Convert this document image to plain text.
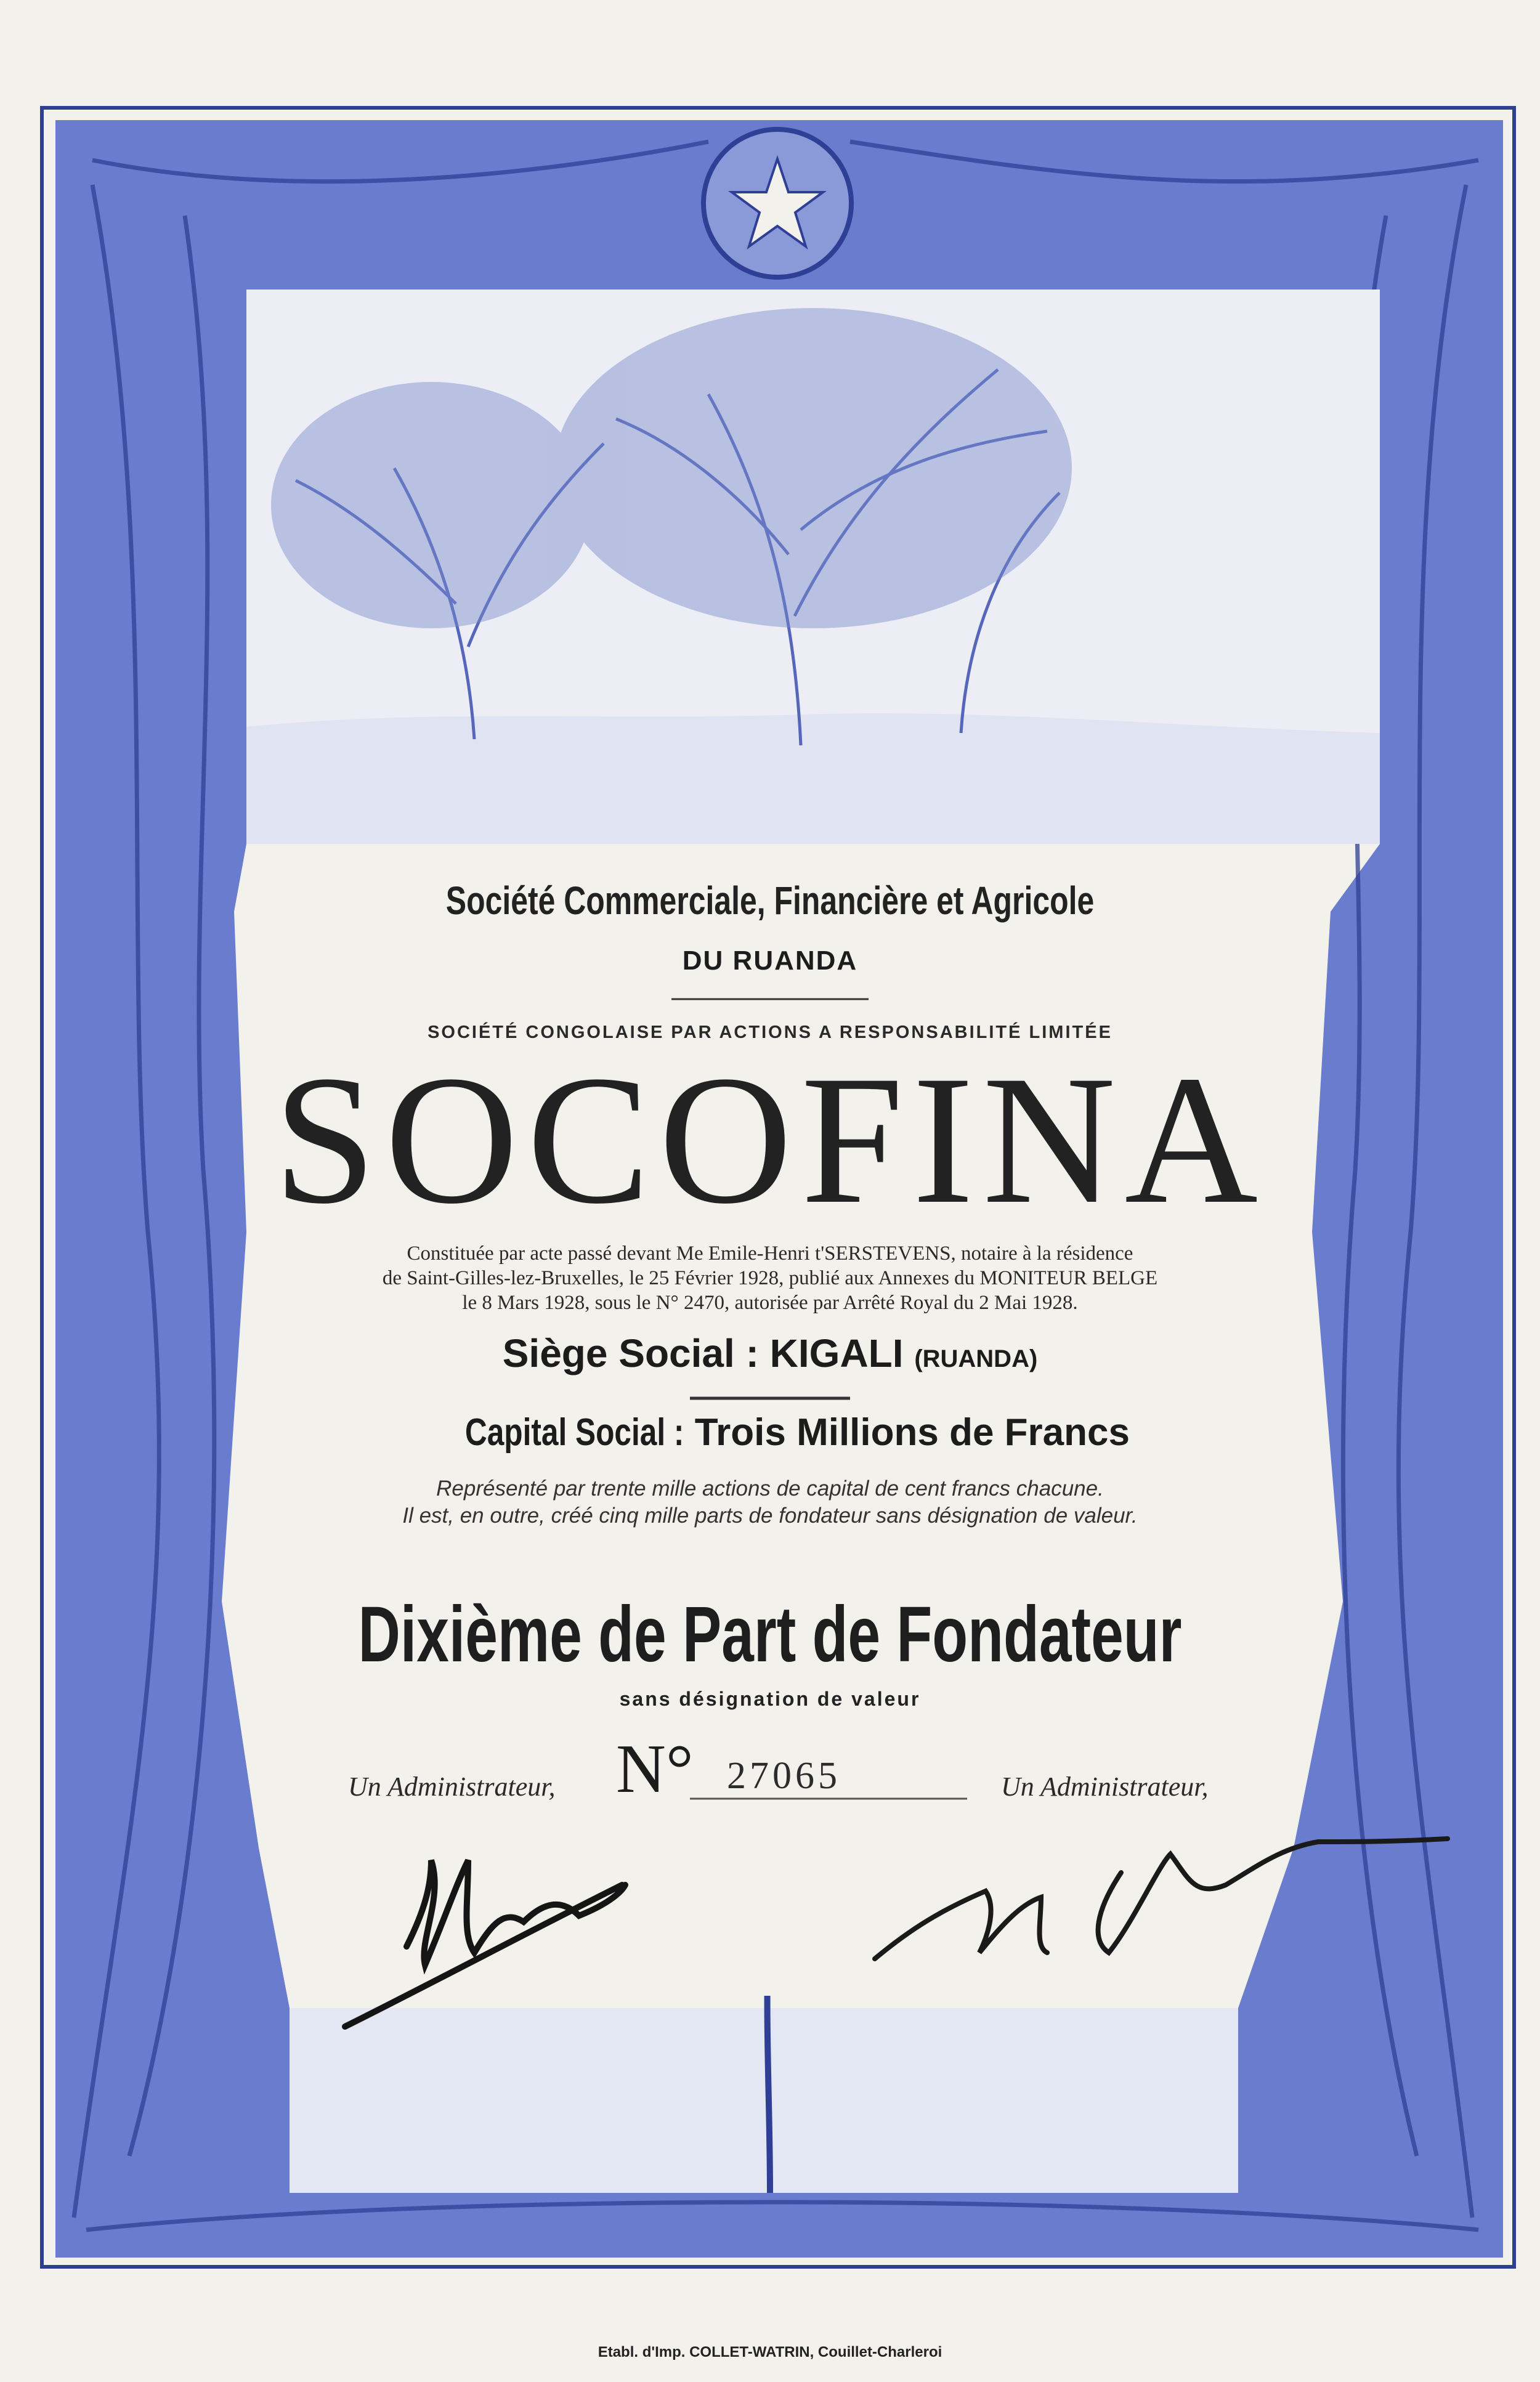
Société Commerciale, Financière et Agricole
DU RUANDA
SOCIÉTÉ CONGOLAISE PAR ACTIONS A RESPONSABILITÉ LIMITÉE
SOCOFINA
Constituée par acte passé devant Me Emile-Henri t'SERSTEVENS, notaire à la résidence
de Saint-Gilles-lez-Bruxelles, le 25 Février 1928, publié aux Annexes du MONITEUR BELGE
le 8 Mars 1928, sous le N° 2470, autorisée par Arrêté Royal du 2 Mai 1928.
Siège Social : KIGALI (RUANDA)
Capital Social : Trois Millions de Francs
Représenté par trente mille actions de capital de cent francs chacune.
Il est, en outre, créé cinq mille parts de fondateur sans désignation de valeur.
Dixième de Part de Fondateur
sans désignation de valeur
Un Administrateur, N° 27065	Un Administrateur,
Etabl. d'Imp. COLLET-WATRIN, Couillet-Charleroi
